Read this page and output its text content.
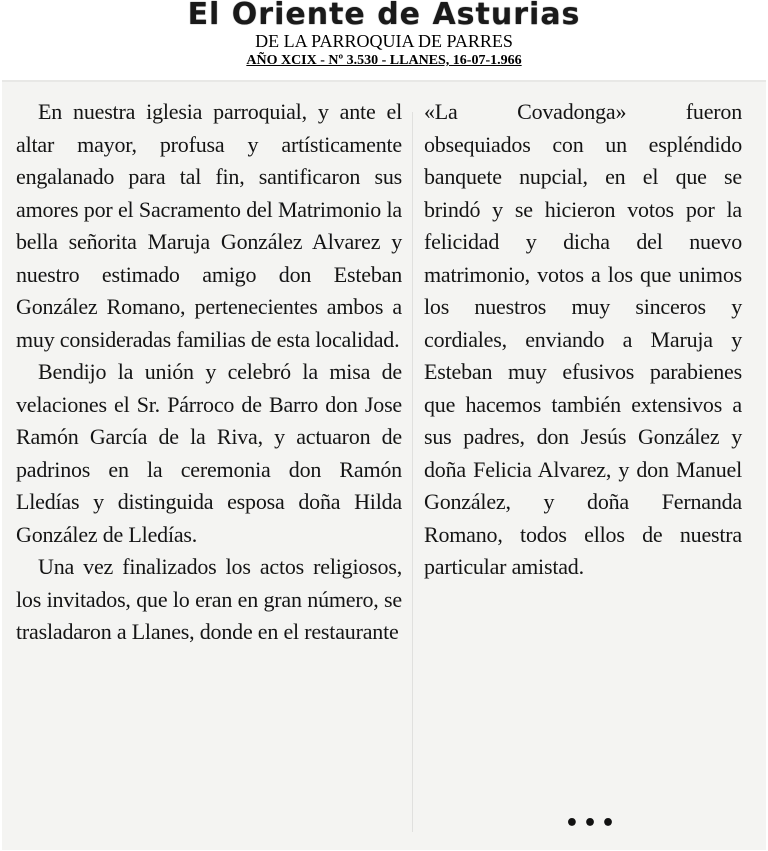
El Oriente de Asturias
DE LA PARROQUIA DE PARRES
AÑO XCIX - Nº 3.530 - LLANES, 16-07-1.966

En nuestra iglesia parroquial, y ante el altar mayor, profusa y artísticamente engalanado para tal fin, santificaron sus amores por el Sacramento del Matrimonio la bella señorita Maruja González Alvarez y nuestro estimado amigo don Esteban González Romano, pertenecientes ambos a muy consideradas familias de esta localidad.

Bendijo la unión y celebró la misa de velaciones el Sr. Párroco de Barro don Jose Ramón García de la Riva, y actuaron de padrinos en la ceremonia don Ramón Lledías y distinguida esposa doña Hilda González de Lledías.

Una vez finalizados los actos religiosos, los invitados, que lo eran en gran número, se trasladaron a Llanes, donde en el restaurante

«La Covadonga» fueron obsequiados con un espléndido banquete nupcial, en el que se brindó y se hicieron votos por la felicidad y dicha del nuevo matrimonio, votos a los que unimos los nuestros muy sinceros y cordiales, enviando a Maruja y Esteban muy efusivos parabienes que hacemos también extensivos a sus padres, don Jesús González y doña Felicia Alvarez, y don Manuel González, y doña Fernanda Romano, todos ellos de nuestra particular amistad.

•••
